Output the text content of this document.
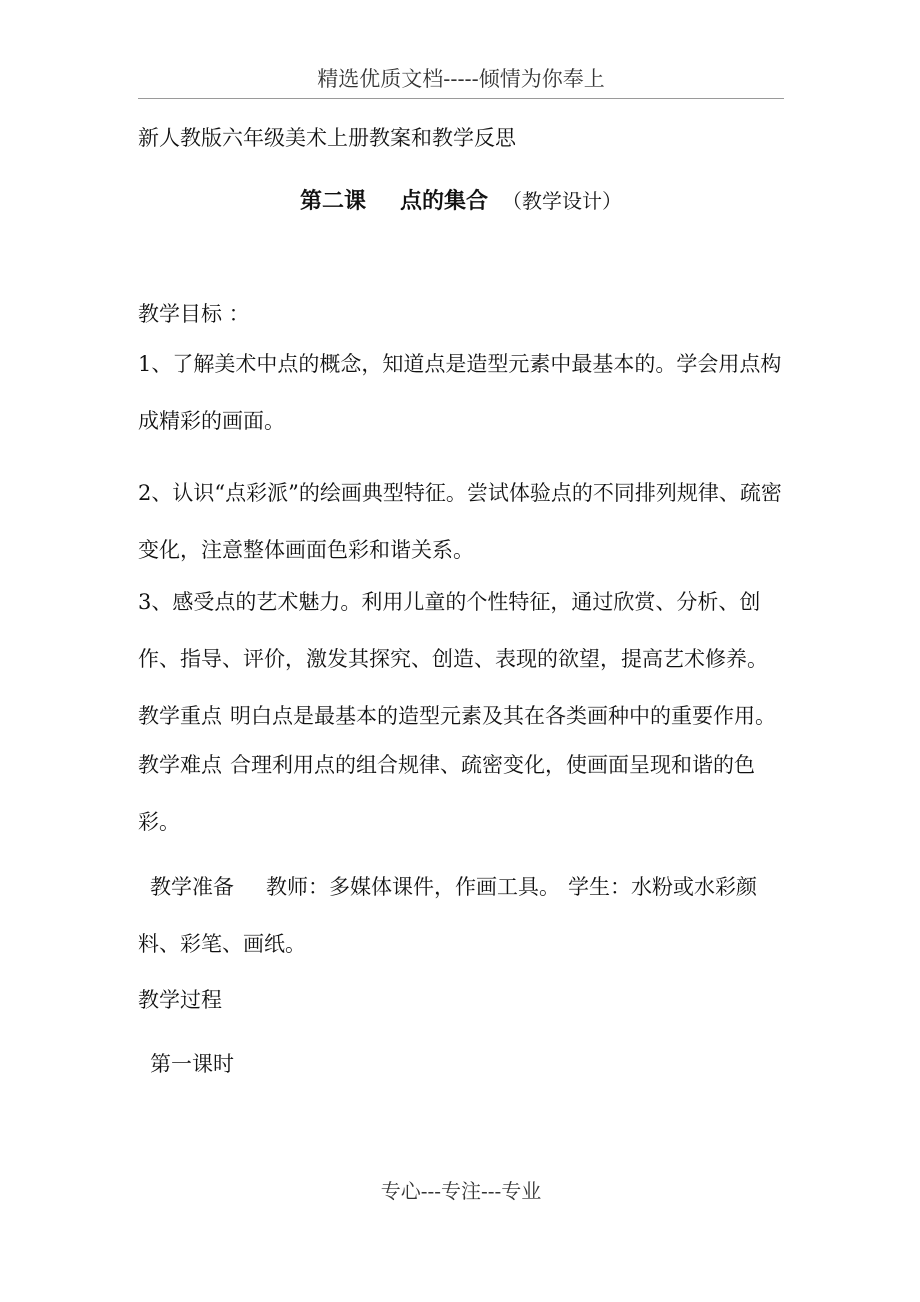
精选优质文档-----倾情为你奉上
新人教版六年级美术上册教案和教学反思
第二课 点的集合 （教学设计）
教学目标 ：
1、了解美术中点的概念，知道点是造型元素中最基本的。学会用点构成精彩的画面。
2、认识“点彩派”的绘画典型特征。尝试体验点的不同排列规律、疏密变化，注意整体画面色彩和谐关系。
3、感受点的艺术魅力。利用儿童的个性特征，通过欣赏、分析、创作、指导、评价，激发其探究、创造、表现的欲望，提高艺术修养。
教学重点 明白点是最基本的造型元素及其在各类画种中的重要作用。
教学难点 合理利用点的组合规律、疏密变化，使画面呈现和谐的色彩。
教学准备 教师：多媒体课件，作画工具。 学生：水粉或水彩颜料、彩笔、画纸。
教学过程
第一课时
专心---专注---专业
